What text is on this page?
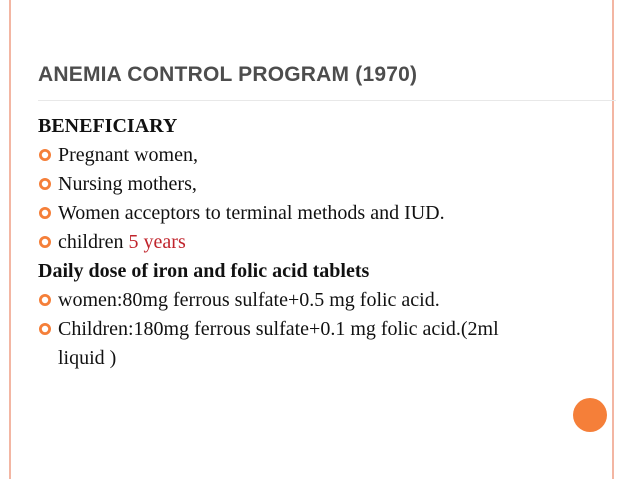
ANEMIA CONTROL PROGRAM (1970)
BENEFICIARY
Pregnant women,
Nursing mothers,
Women acceptors to terminal methods and IUD.
children 5 years
Daily dose of iron and folic acid tablets
women:80mg ferrous sulfate+0.5 mg folic acid.
Children:180mg ferrous sulfate+0.1 mg folic acid.(2ml liquid )
